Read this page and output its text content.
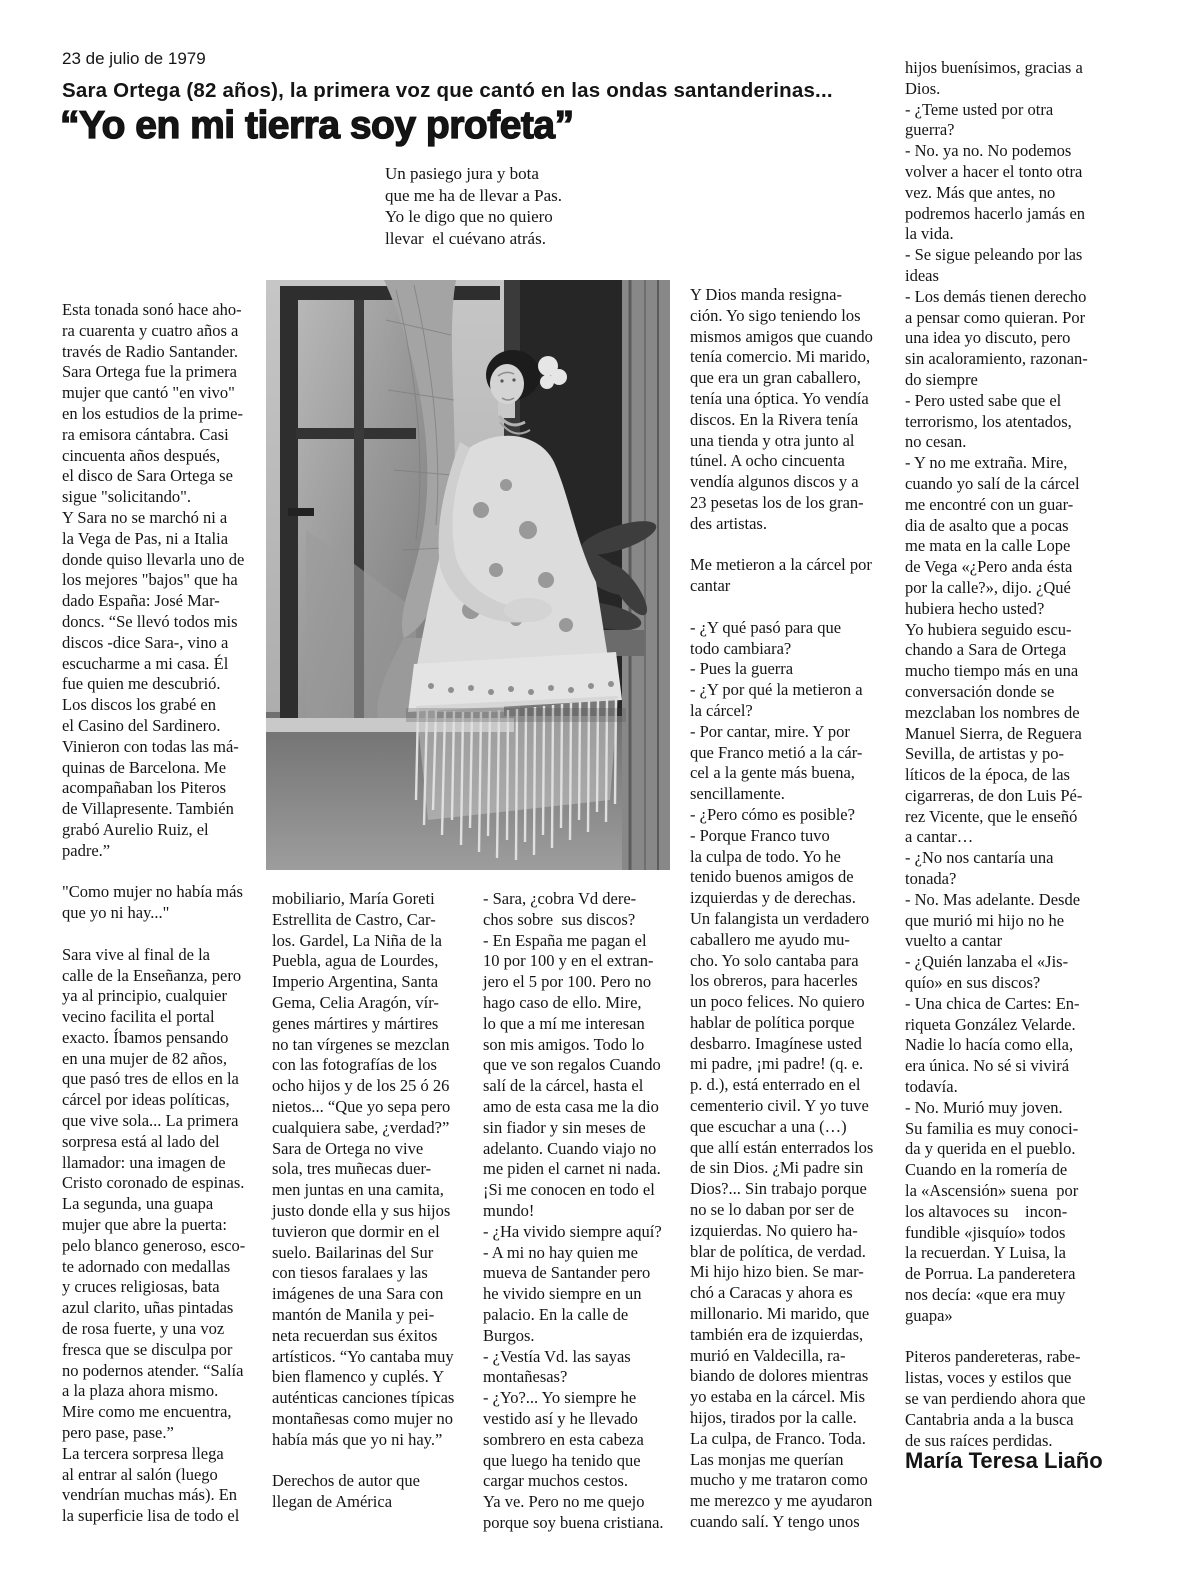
23 de julio de 1979
Sara Ortega (82 años), la primera voz que cantó en las ondas santanderinas...
“Yo en mi tierra soy profeta”
Un pasiego jura y bota
que me ha de llevar a Pas.
Yo le digo que no quiero
llevar  el cuévano atrás.
Esta tonada sonó hace aho-
ra cuarenta y cuatro años a
través de Radio Santander.
Sara Ortega fue la primera
mujer que cantó "en vivo"
en los estudios de la prime-
ra emisora cántabra. Casi
cincuenta años después,
el disco de Sara Ortega se
sigue "solicitando".
Y Sara no se marchó ni a
la Vega de Pas, ni a Italia
donde quiso llevarla uno de
los mejores "bajos" que ha
dado España: José Mar-
doncs. “Se llevó todos mis
discos -dice Sara-, vino a
escucharme a mi casa. Él
fue quien me descubrió.
Los discos los grabé en
el Casino del Sardinero.
Vinieron con todas las má-
quinas de Barcelona. Me
acompañaban los Piteros
de Villapresente. También
grabó Aurelio Ruiz, el
padre.”

"Como mujer no había más
que yo ni hay..."

Sara vive al final de la
calle de la Enseñanza, pero
ya al principio, cualquier
vecino facilita el portal
exacto. Íbamos pensando
en una mujer de 82 años,
que pasó tres de ellos en la
cárcel por ideas políticas,
que vive sola... La primera
sorpresa está al lado del
llamador: una imagen de
Cristo coronado de espinas.
La segunda, una guapa
mujer que abre la puerta:
pelo blanco generoso, esco-
te adornado con medallas
y cruces religiosas, bata
azul clarito, uñas pintadas
de rosa fuerte, y una voz
fresca que se disculpa por
no podernos atender. “Salía
a la plaza ahora mismo.
Mire como me encuentra,
pero pase, pase.”
La tercera sorpresa llega
al entrar al salón (luego
vendrían muchas más). En
la superficie lisa de todo el
mobiliario, María Goreti
Estrellita de Castro, Car-
los. Gardel, La Niña de la
Puebla, agua de Lourdes,
Imperio Argentina, Santa
Gema, Celia Aragón, vír-
genes mártires y mártires
no tan vírgenes se mezclan
con las fotografías de los
ocho hijos y de los 25 ó 26
nietos... “Que yo sepa pero
cualquiera sabe, ¿verdad?”
Sara de Ortega no vive
sola, tres muñecas duer-
men juntas en una camita,
justo donde ella y sus hijos
tuvieron que dormir en el
suelo. Bailarinas del Sur
con tiesos faralaes y las
imágenes de una Sara con
mantón de Manila y pei-
neta recuerdan sus éxitos
artísticos. “Yo cantaba muy
bien flamenco y cuplés. Y
auténticas canciones típicas
montañesas como mujer no
había más que yo ni hay.”

Derechos de autor que
llegan de América
- Sara, ¿cobra Vd dere-
chos sobre  sus discos?
- En España me pagan el
10 por 100 y en el extran-
jero el 5 por 100. Pero no
hago caso de ello. Mire,
lo que a mí me interesan
son mis amigos. Todo lo
que ve son regalos Cuando
salí de la cárcel, hasta el
amo de esta casa me la dio
sin fiador y sin meses de
adelanto. Cuando viajo no
me piden el carnet ni nada.
¡Si me conocen en todo el
mundo!
- ¿Ha vivido siempre aquí?
- A mi no hay quien me
mueva de Santander pero
he vivido siempre en un
palacio. En la calle de
Burgos.
- ¿Vestía Vd. las sayas
montañesas?
- ¿Yo?... Yo siempre he
vestido así y he llevado
sombrero en esta cabeza
que luego ha tenido que
cargar muchos cestos.
Ya ve. Pero no me quejo
porque soy buena cristiana.
Y Dios manda resigna-
ción. Yo sigo teniendo los
mismos amigos que cuando
tenía comercio. Mi marido,
que era un gran caballero,
tenía una óptica. Yo vendía
discos. En la Rivera tenía
una tienda y otra junto al
túnel. A ocho cincuenta
vendía algunos discos y a
23 pesetas los de los gran-
des artistas.

Me metieron a la cárcel por
cantar

- ¿Y qué pasó para que
todo cambiara?
- Pues la guerra
- ¿Y por qué la metieron a
la cárcel?
- Por cantar, mire. Y por
que Franco metió a la cár-
cel a la gente más buena,
sencillamente.
- ¿Pero cómo es posible?
- Porque Franco tuvo
la culpa de todo. Yo he
tenido buenos amigos de
izquierdas y de derechas.
Un falangista un verdadero
caballero me ayudo mu-
cho. Yo solo cantaba para
los obreros, para hacerles
un poco felices. No quiero
hablar de política porque
desbarro. Imagínese usted
mi padre, ¡mi padre! (q. e.
p. d.), está enterrado en el
cementerio civil. Y yo tuve
que escuchar a una (…)
que allí están enterrados los
de sin Dios. ¿Mi padre sin
Dios?... Sin trabajo porque
no se lo daban por ser de
izquierdas. No quiero ha-
blar de política, de verdad.
Mi hijo hizo bien. Se mar-
chó a Caracas y ahora es
millonario. Mi marido, que
también era de izquierdas,
murió en Valdecilla, ra-
biando de dolores mientras
yo estaba en la cárcel. Mis
hijos, tirados por la calle.
La culpa, de Franco. Toda.
Las monjas me querían
mucho y me trataron como
me merezco y me ayudaron
cuando salí. Y tengo unos
hijos buenísimos, gracias a
Dios.
- ¿Teme usted por otra
guerra?
- No. ya no. No podemos
volver a hacer el tonto otra
vez. Más que antes, no
podremos hacerlo jamás en
la vida.
- Se sigue peleando por las
ideas
- Los demás tienen derecho
a pensar como quieran. Por
una idea yo discuto, pero
sin acaloramiento, razonan-
do siempre
- Pero usted sabe que el
terrorismo, los atentados,
no cesan.
- Y no me extraña. Mire,
cuando yo salí de la cárcel
me encontré con un guar-
dia de asalto que a pocas
me mata en la calle Lope
de Vega «¿Pero anda ésta
por la calle?», dijo. ¿Qué
hubiera hecho usted?
Yo hubiera seguido escu-
chando a Sara de Ortega
mucho tiempo más en una
conversación donde se
mezclaban los nombres de
Manuel Sierra, de Reguera
Sevilla, de artistas y po-
líticos de la época, de las
cigarreras, de don Luis Pé-
rez Vicente, que le enseñó
a cantar…
- ¿No nos cantaría una
tonada?
- No. Mas adelante. Desde
que murió mi hijo no he
vuelto a cantar
- ¿Quién lanzaba el «Jis-
quío» en sus discos?
- Una chica de Cartes: En-
riqueta González Velarde.
Nadie lo hacía como ella,
era única. No sé si vivirá
todavía.
- No. Murió muy joven.
Su familia es muy conoci-
da y querida en el pueblo.
Cuando en la romería de
la «Ascensión» suena  por
los altavoces su    incon-
fundible «jisquío» todos
la recuerdan. Y Luisa, la
de Porrua. La panderetera
nos decía: «que era muy
guapa»

Piteros pandereteras, rabe-
listas, voces y estilos que
se van perdiendo ahora que
Cantabria anda a la busca
de sus raíces perdidas.
María Teresa Liaño
